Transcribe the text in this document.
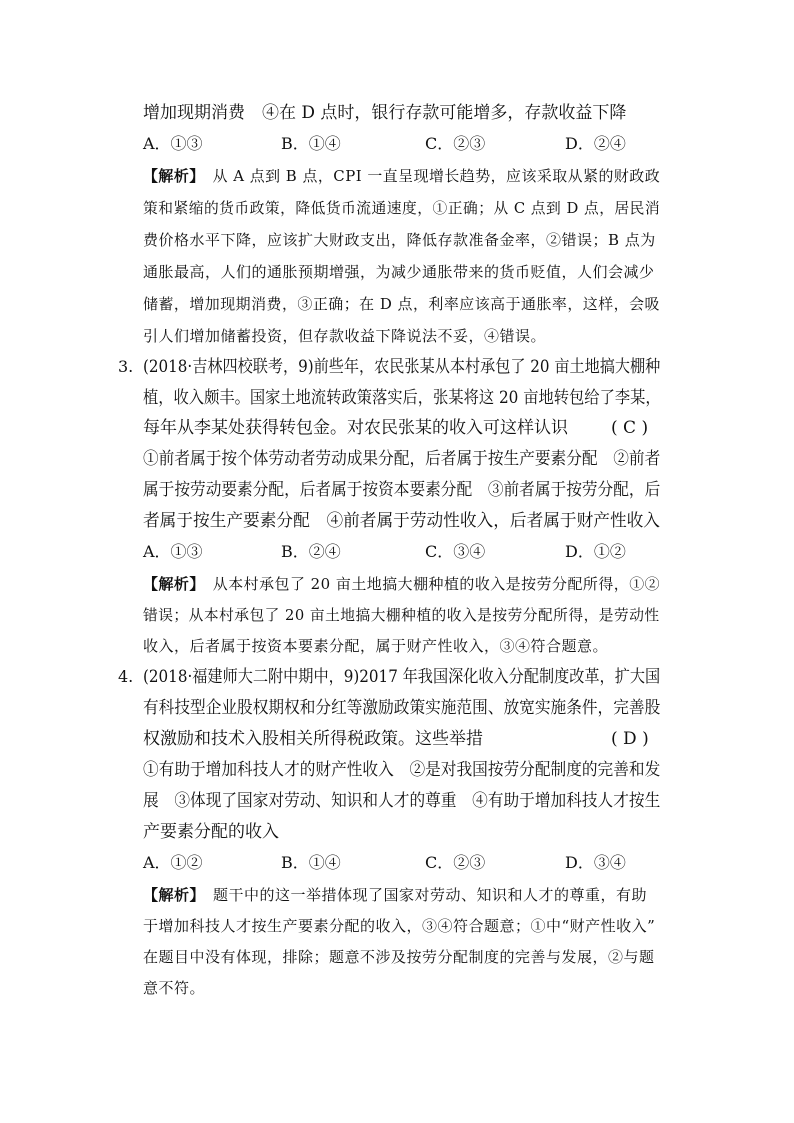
增加现期消费　④在 D 点时，银行存款可能增多，存款收益下降
A．①③	B．①④	C．②③	D．②④
【解析】　 从 A 点到 B 点，CPI 一直呈现增长趋势，应该采取从紧的财政政
策和紧缩的货币政策，降低货币流通速度，①正确；从 C 点到 D 点，居民消
费价格水平下降，应该扩大财政支出，降低存款准备金率，②错误；B 点为
通胀最高，人们的通胀预期增强，为减少通胀带来的货币贬值，人们会减少
储蓄，增加现期消费，③正确；在 D 点，利率应该高于通胀率，这样，会吸
引人们增加储蓄投资，但存款收益下降说法不妥，④错误。
3. (2018·吉林四校联考，9)前些年，农民张某从本村承包了 20 亩土地搞大棚种
植，收入颇丰。国家土地流转政策落实后，张某将这 20 亩地转包给了李某，
每年从李某处获得转包金。对农民张某的收入可这样认识	( C )
①前者属于按个体劳动者劳动成果分配，后者属于按生产要素分配　②前者
属于按劳动要素分配，后者属于按资本要素分配　③前者属于按劳分配，后
者属于按生产要素分配　④前者属于劳动性收入，后者属于财产性收入
A．①③	B．②④	C．③④	D．①②
【解析】　 从本村承包了 20 亩土地搞大棚种植的收入是按劳分配所得，①②
错误；从本村承包了 20 亩土地搞大棚种植的收入是按劳分配所得，是劳动性
收入，后者属于按资本要素分配，属于财产性收入，③④符合题意。
4. (2018·福建师大二附中期中，9)2017 年我国深化收入分配制度改革，扩大国
有科技型企业股权期权和分红等激励政策实施范围、放宽实施条件，完善股
权激励和技术入股相关所得税政策。这些举措	( D )
①有助于增加科技人才的财产性收入　②是对我国按劳分配制度的完善和发
展　③体现了国家对劳动、知识和人才的尊重　④有助于增加科技人才按生
产要素分配的收入
A．①②	B．①④	C．②③	D．③④
【解析】　 题干中的这一举措体现了国家对劳动、知识和人才的尊重，有助
于增加科技人才按生产要素分配的收入，③④符合题意；①中“财产性收入”
在题目中没有体现，排除；题意不涉及按劳分配制度的完善与发展，②与题
意不符。
